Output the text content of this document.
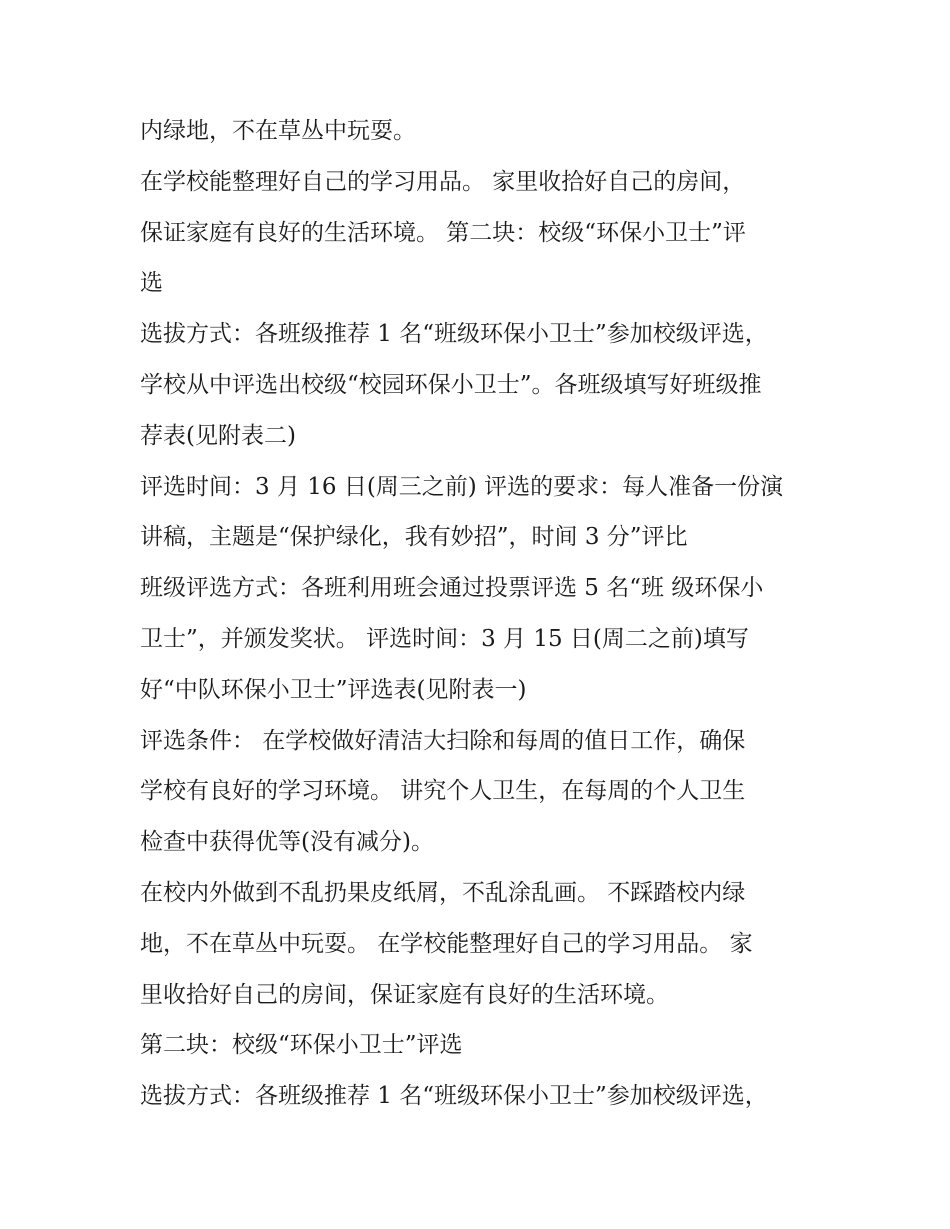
内绿地，不在草丛中玩耍。
在学校能整理好自己的学习用品。 家里收拾好自己的房间，
保证家庭有良好的生活环境。 第二块：校级“环保小卫士”评
选
选拔方式：各班级推荐 1 名“班级环保小卫士”参加校级评选，
学校从中评选出校级“校园环保小卫士”。各班级填写好班级推
荐表(见附表二)
评选时间：3 月 16 日(周三之前) 评选的要求：每人准备一份演
讲稿，主题是“保护绿化，我有妙招”，时间 3 分”评比
班级评选方式：各班利用班会通过投票评选 5 名“班 级环保小
卫士”，并颁发奖状。 评选时间：3 月 15 日(周二之前)填写
好“中队环保小卫士”评选表(见附表一)
评选条件： 在学校做好清洁大扫除和每周的值日工作，确保
学校有良好的学习环境。 讲究个人卫生，在每周的个人卫生
检查中获得优等(没有减分)。
在校内外做到不乱扔果皮纸屑，不乱涂乱画。 不踩踏校内绿
地，不在草丛中玩耍。 在学校能整理好自己的学习用品。 家
里收拾好自己的房间，保证家庭有良好的生活环境。
第二块：校级“环保小卫士”评选
选拔方式：各班级推荐 1 名“班级环保小卫士”参加校级评选，
